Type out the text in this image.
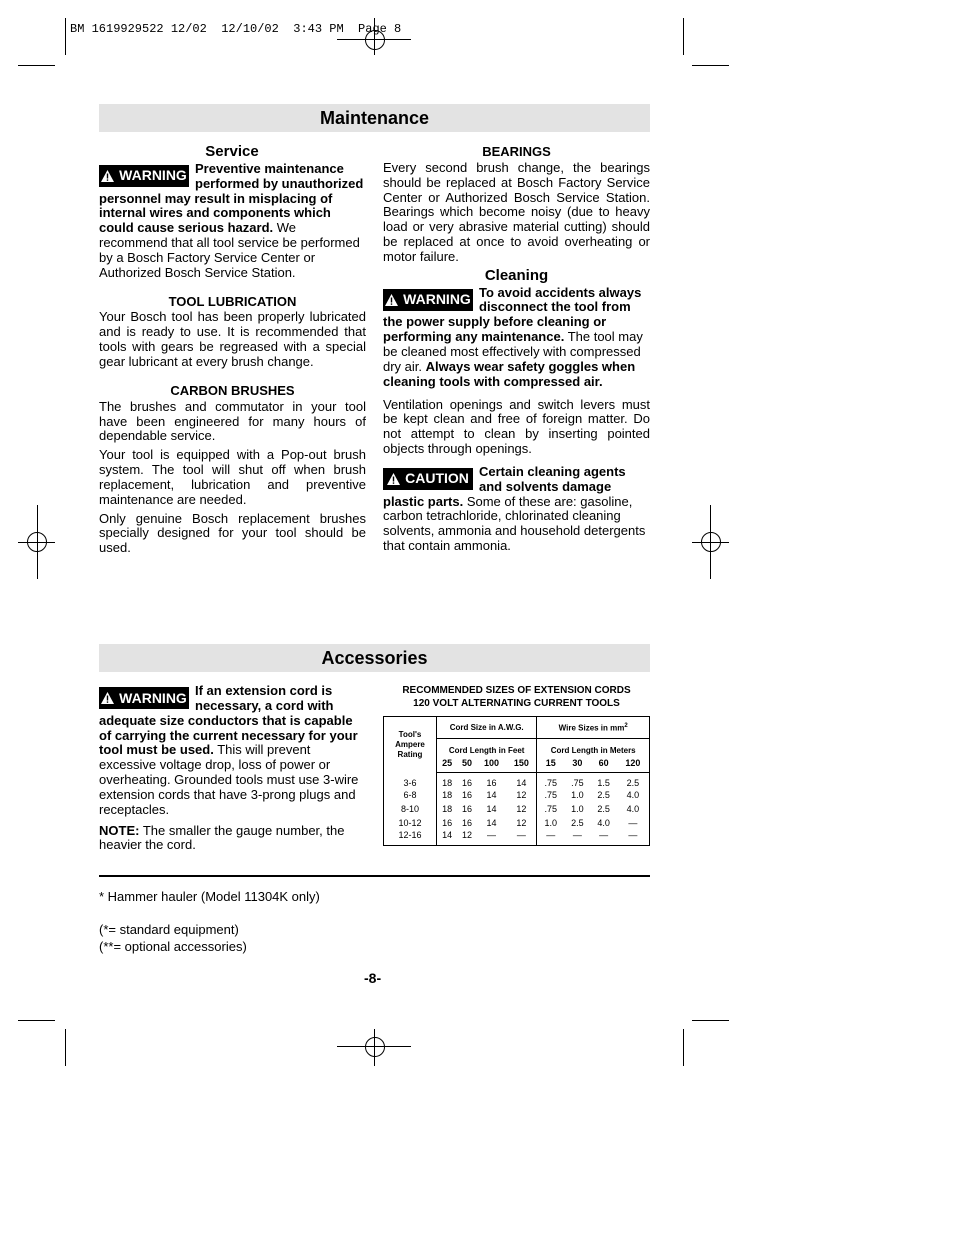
BM 1619929522 12/02  12/10/02  3:43 PM  Page 8
Maintenance
Service

WARNING Preventive maintenance performed by unauthorized personnel may result in misplacing of internal wires and components which could cause serious hazard. We recommend that all tool service be performed by a Bosch Factory Service Center or Authorized Bosch Service Station.

TOOL LUBRICATION

Your Bosch tool has been properly lubricated and is ready to use. It is recommended that tools with gears be regreased with a special gear lubricant at every brush change.

CARBON BRUSHES

The brushes and commutator in your tool have been engineered for many hours of dependable service.

Your tool is equipped with a Pop-out brush system. The tool will shut off when brush replacement, lubrication and preventive maintenance are needed.

Only genuine Bosch replacement brushes specially designed for your tool should be used.

BEARINGS

Every second brush change, the bearings should be replaced at Bosch Factory Service Center or Authorized Bosch Service Station. Bearings which become noisy (due to heavy load or very abrasive material cutting) should be replaced at once to avoid overheating or motor failure.

Cleaning

WARNING To avoid accidents always disconnect the tool from the power supply before cleaning or performing any maintenance. The tool may be cleaned most effectively with compressed dry air. Always wear safety goggles when cleaning tools with compressed air.

Ventilation openings and switch levers must be kept clean and free of foreign matter. Do not attempt to clean by inserting pointed objects through openings.

CAUTION Certain cleaning agents and solvents damage plastic parts. Some of these are: gasoline, carbon tetrachloride, chlorinated cleaning solvents, ammonia and household detergents that contain ammonia.

Accessories

WARNING If an extension cord is necessary, a cord with adequate size conductors that is capable of carrying the current necessary for your tool must be used. This will prevent excessive voltage drop, loss of power or overheating. Grounded tools must use 3-wire extension cords that have 3-prong plugs and receptacles.

NOTE: The smaller the gauge number, the heavier the cord.

RECOMMENDED SIZES OF EXTENSION CORDS
120 VOLT ALTERNATING CURRENT TOOLS
Tool's
Ampere
Rating	Cord Size in A.W.G.				Wire Sizes in $mm^2$
	Cord Length in Feet				Cord Length in Meters			
	25	50	100	150	15	30	60	120
3-6	18	16	16	14	.75	.75	1.5	2.5
6-8	18	16	14	12	.75	1.0	2.5	4.0
8-10	18	16	14	12	.75	1.0	2.5	4.0
10-12	16	16	14	12	1.0	2.5	4.0	—
12-16	14	12	—	—	—	—	—	—
* Hammer hauler (Model 11304K only)
(*= standard equipment)
(**= optional accessories)
-8-
